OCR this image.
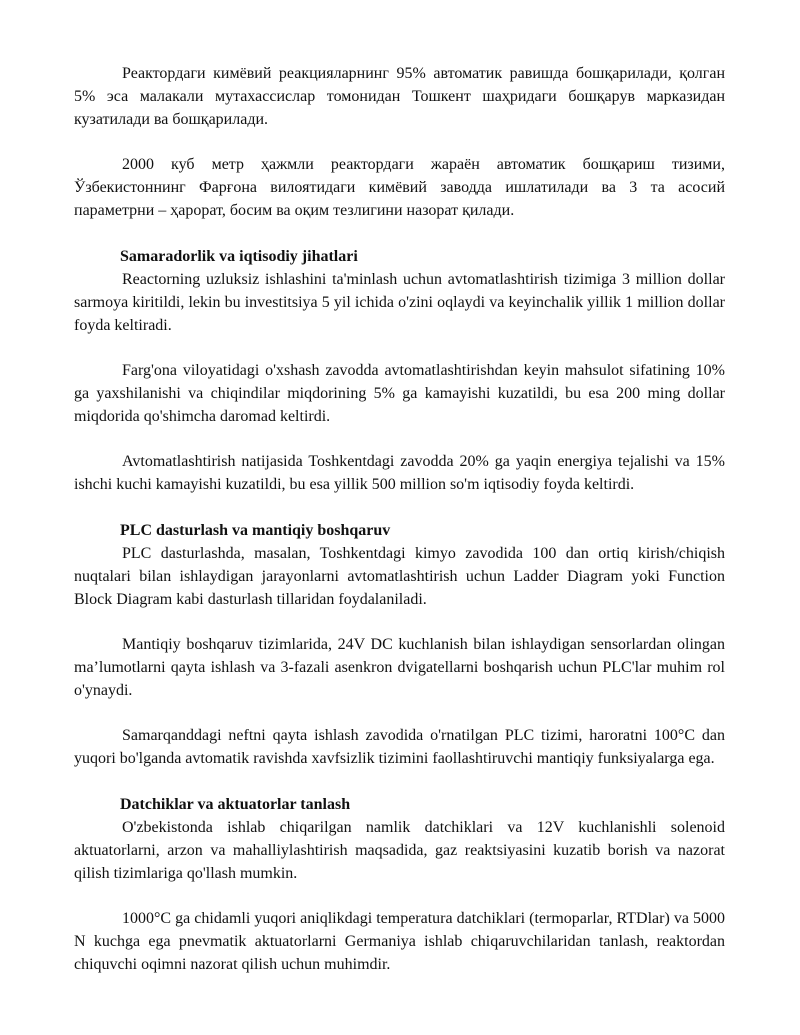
Реактордаги кимёвий реакцияларнинг 95% автоматик равишда бошқарилади, қолган 5% эса малакали мутахассислар томонидан Тошкент шаҳридаги бошқарув марказидан кузатилади ва бошқарилади.

2000 куб метр ҳажмли реактордаги жараён автоматик бошқариш тизими, Ўзбекистоннинг Фарғона вилоятидаги кимёвий заводда ишлатилади ва 3 та асосий параметрни – ҳарорат, босим ва оқим тезлигини назорат қилади.

Samaradorlik va iqtisodiy jihatlari

Reactorning uzluksiz ishlashini ta'minlash uchun avtomatlashtirish tizimiga 3 million dollar sarmoya kiritildi, lekin bu investitsiya 5 yil ichida o'zini oqlaydi va keyinchalik yillik 1 million dollar foyda keltiradi.

Farg'ona viloyatidagi o'xshash zavodda avtomatlashtirishdan keyin mahsulot sifatining 10% ga yaxshilanishi va chiqindilar miqdorining 5% ga kamayishi kuzatildi, bu esa 200 ming dollar miqdorida qo'shimcha daromad keltirdi.

Avtomatlashtirish natijasida Toshkentdagi zavodda 20% ga yaqin energiya tejalishi va 15% ishchi kuchi kamayishi kuzatildi, bu esa yillik 500 million so'm iqtisodiy foyda keltirdi.

PLC dasturlash va mantiqiy boshqaruv

PLC dasturlashda, masalan, Toshkentdagi kimyo zavodida 100 dan ortiq kirish/chiqish nuqtalari bilan ishlaydigan jarayonlarni avtomatlashtirish uchun Ladder Diagram yoki Function Block Diagram kabi dasturlash tillaridan foydalaniladi.

Mantiqiy boshqaruv tizimlarida, 24V DC kuchlanish bilan ishlaydigan sensorlardan olingan ma’lumotlarni qayta ishlash va 3-fazali asenkron dvigatellarni boshqarish uchun PLC'lar muhim rol o'ynaydi.

Samarqanddagi neftni qayta ishlash zavodida o'rnatilgan PLC tizimi, haroratni 100°C dan yuqori bo'lganda avtomatik ravishda xavfsizlik tizimini faollashtiruvchi mantiqiy funksiyalarga ega.

Datchiklar va aktuatorlar tanlash

O'zbekistonda ishlab chiqarilgan namlik datchiklari va 12V kuchlanishli solenoid aktuatorlarni, arzon va mahalliylashtirish maqsadida, gaz reaktsiyasini kuzatib borish va nazorat qilish tizimlariga qo'llash mumkin.

1000°C ga chidamli yuqori aniqlikdagi temperatura datchiklari (termoparlar, RTDlar) va 5000 N kuchga ega pnevmatik aktuatorlarni Germaniya ishlab chiqaruvchilaridan tanlash, reaktordan chiquvchi oqimni nazorat qilish uchun muhimdir.
